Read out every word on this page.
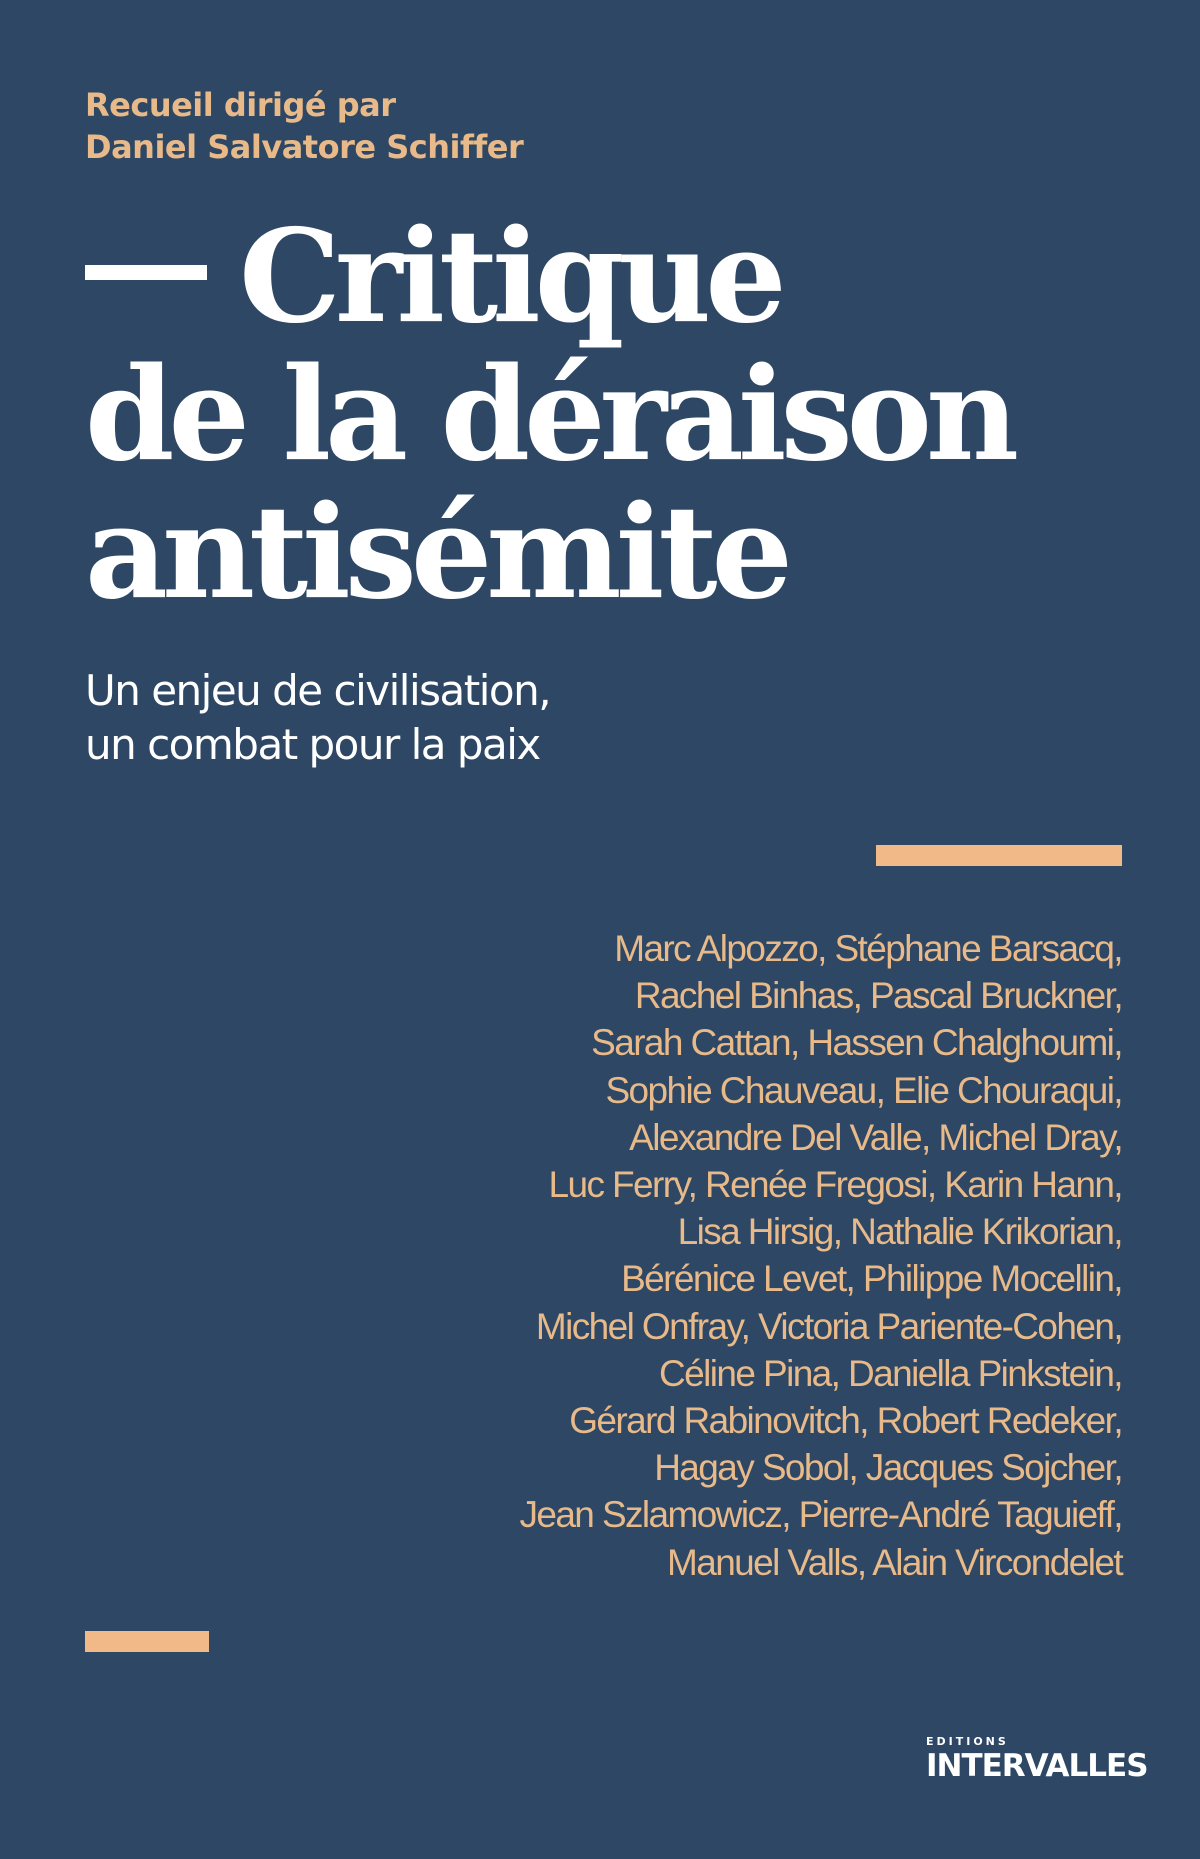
Recueil dirigé par
Daniel Salvatore Schiffer
Critique
de la déraison
antisémite
Un enjeu de civilisation,
un combat pour la paix
Marc Alpozzo, Stéphane Barsacq,
Rachel Binhas, Pascal Bruckner,
Sarah Cattan, Hassen Chalghoumi,
Sophie Chauveau, Elie Chouraqui,
Alexandre Del Valle, Michel Dray,
Luc Ferry, Renée Fregosi, Karin Hann,
Lisa Hirsig, Nathalie Krikorian,
Bérénice Levet, Philippe Mocellin,
Michel Onfray, Victoria Pariente-Cohen,
Céline Pina, Daniella Pinkstein,
Gérard Rabinovitch, Robert Redeker,
Hagay Sobol, Jacques Sojcher,
Jean Szlamowicz, Pierre-André Taguieff,
Manuel Valls, Alain Vircondelet
EDITIONS
INTERVALLES
